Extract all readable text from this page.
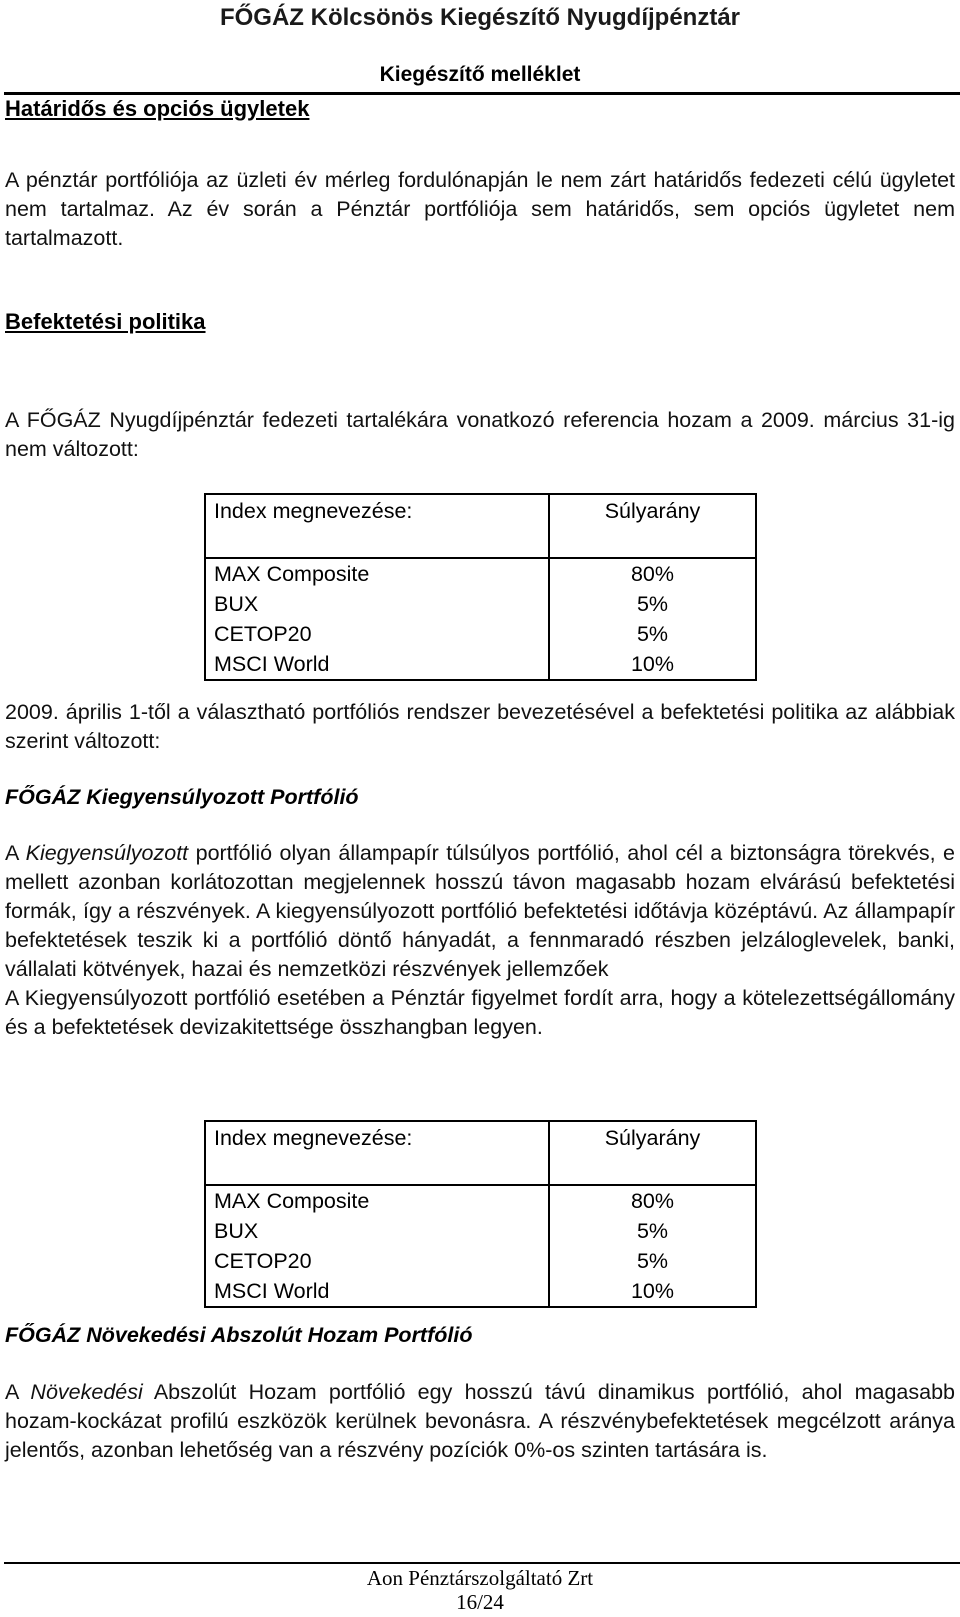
FŐGÁZ Kölcsönös Kiegészítő Nyugdíjpénztár
Kiegészítő melléklet
Határidős és opciós ügyletek

A pénztár portfóliója az üzleti év mérleg fordulónapján le nem zárt határidős fedezeti célú ügyletet nem tartalmaz. Az év során a Pénztár portfóliója sem határidős, sem opciós ügyletet nem tartalmazott.

Befektetési politika

A FŐGÁZ Nyugdíjpénztár fedezeti tartalékára vonatkozó referencia hozam a 2009. március 31-ig nem változott:

Index megnevezése:	Súlyarány
MAX Composite	80%
BUX	5%
CETOP20	5%
MSCI World	10%

2009. április 1-től a választható portfóliós rendszer bevezetésével a befektetési politika az alábbiak szerint változott:

FŐGÁZ Kiegyensúlyozott Portfólió

A Kiegyensúlyozott portfólió olyan állampapír túlsúlyos portfólió, ahol cél a biztonságra törekvés, e mellett azonban korlátozottan megjelennek hosszú távon magasabb hozam elvárású befektetési formák, így a részvények. A kiegyensúlyozott portfólió befektetési időtávja középtávú. Az állampapír befektetések teszik ki a portfólió döntő hányadát, a fennmaradó részben jelzáloglevelek, banki, vállalati kötvények, hazai és nemzetközi részvények jellemzőek

A Kiegyensúlyozott portfólió esetében a Pénztár figyelmet fordít arra, hogy a kötelezettségállomány és a befektetések devizakitettsége összhangban legyen.

Index megnevezése:	Súlyarány
MAX Composite	80%
BUX	5%
CETOP20	5%
MSCI World	10%
FŐGÁZ Növekedési Abszolút Hozam Portfólió

A Növekedési Abszolút Hozam portfólió egy hosszú távú dinamikus portfólió, ahol magasabb hozam-kockázat profilú eszközök kerülnek bevonásra. A részvénybefektetések megcélzott aránya jelentős, azonban lehetőség van a részvény pozíciók 0%-os szinten tartására is.

Aon Pénztárszolgáltató Zrt
16/24
